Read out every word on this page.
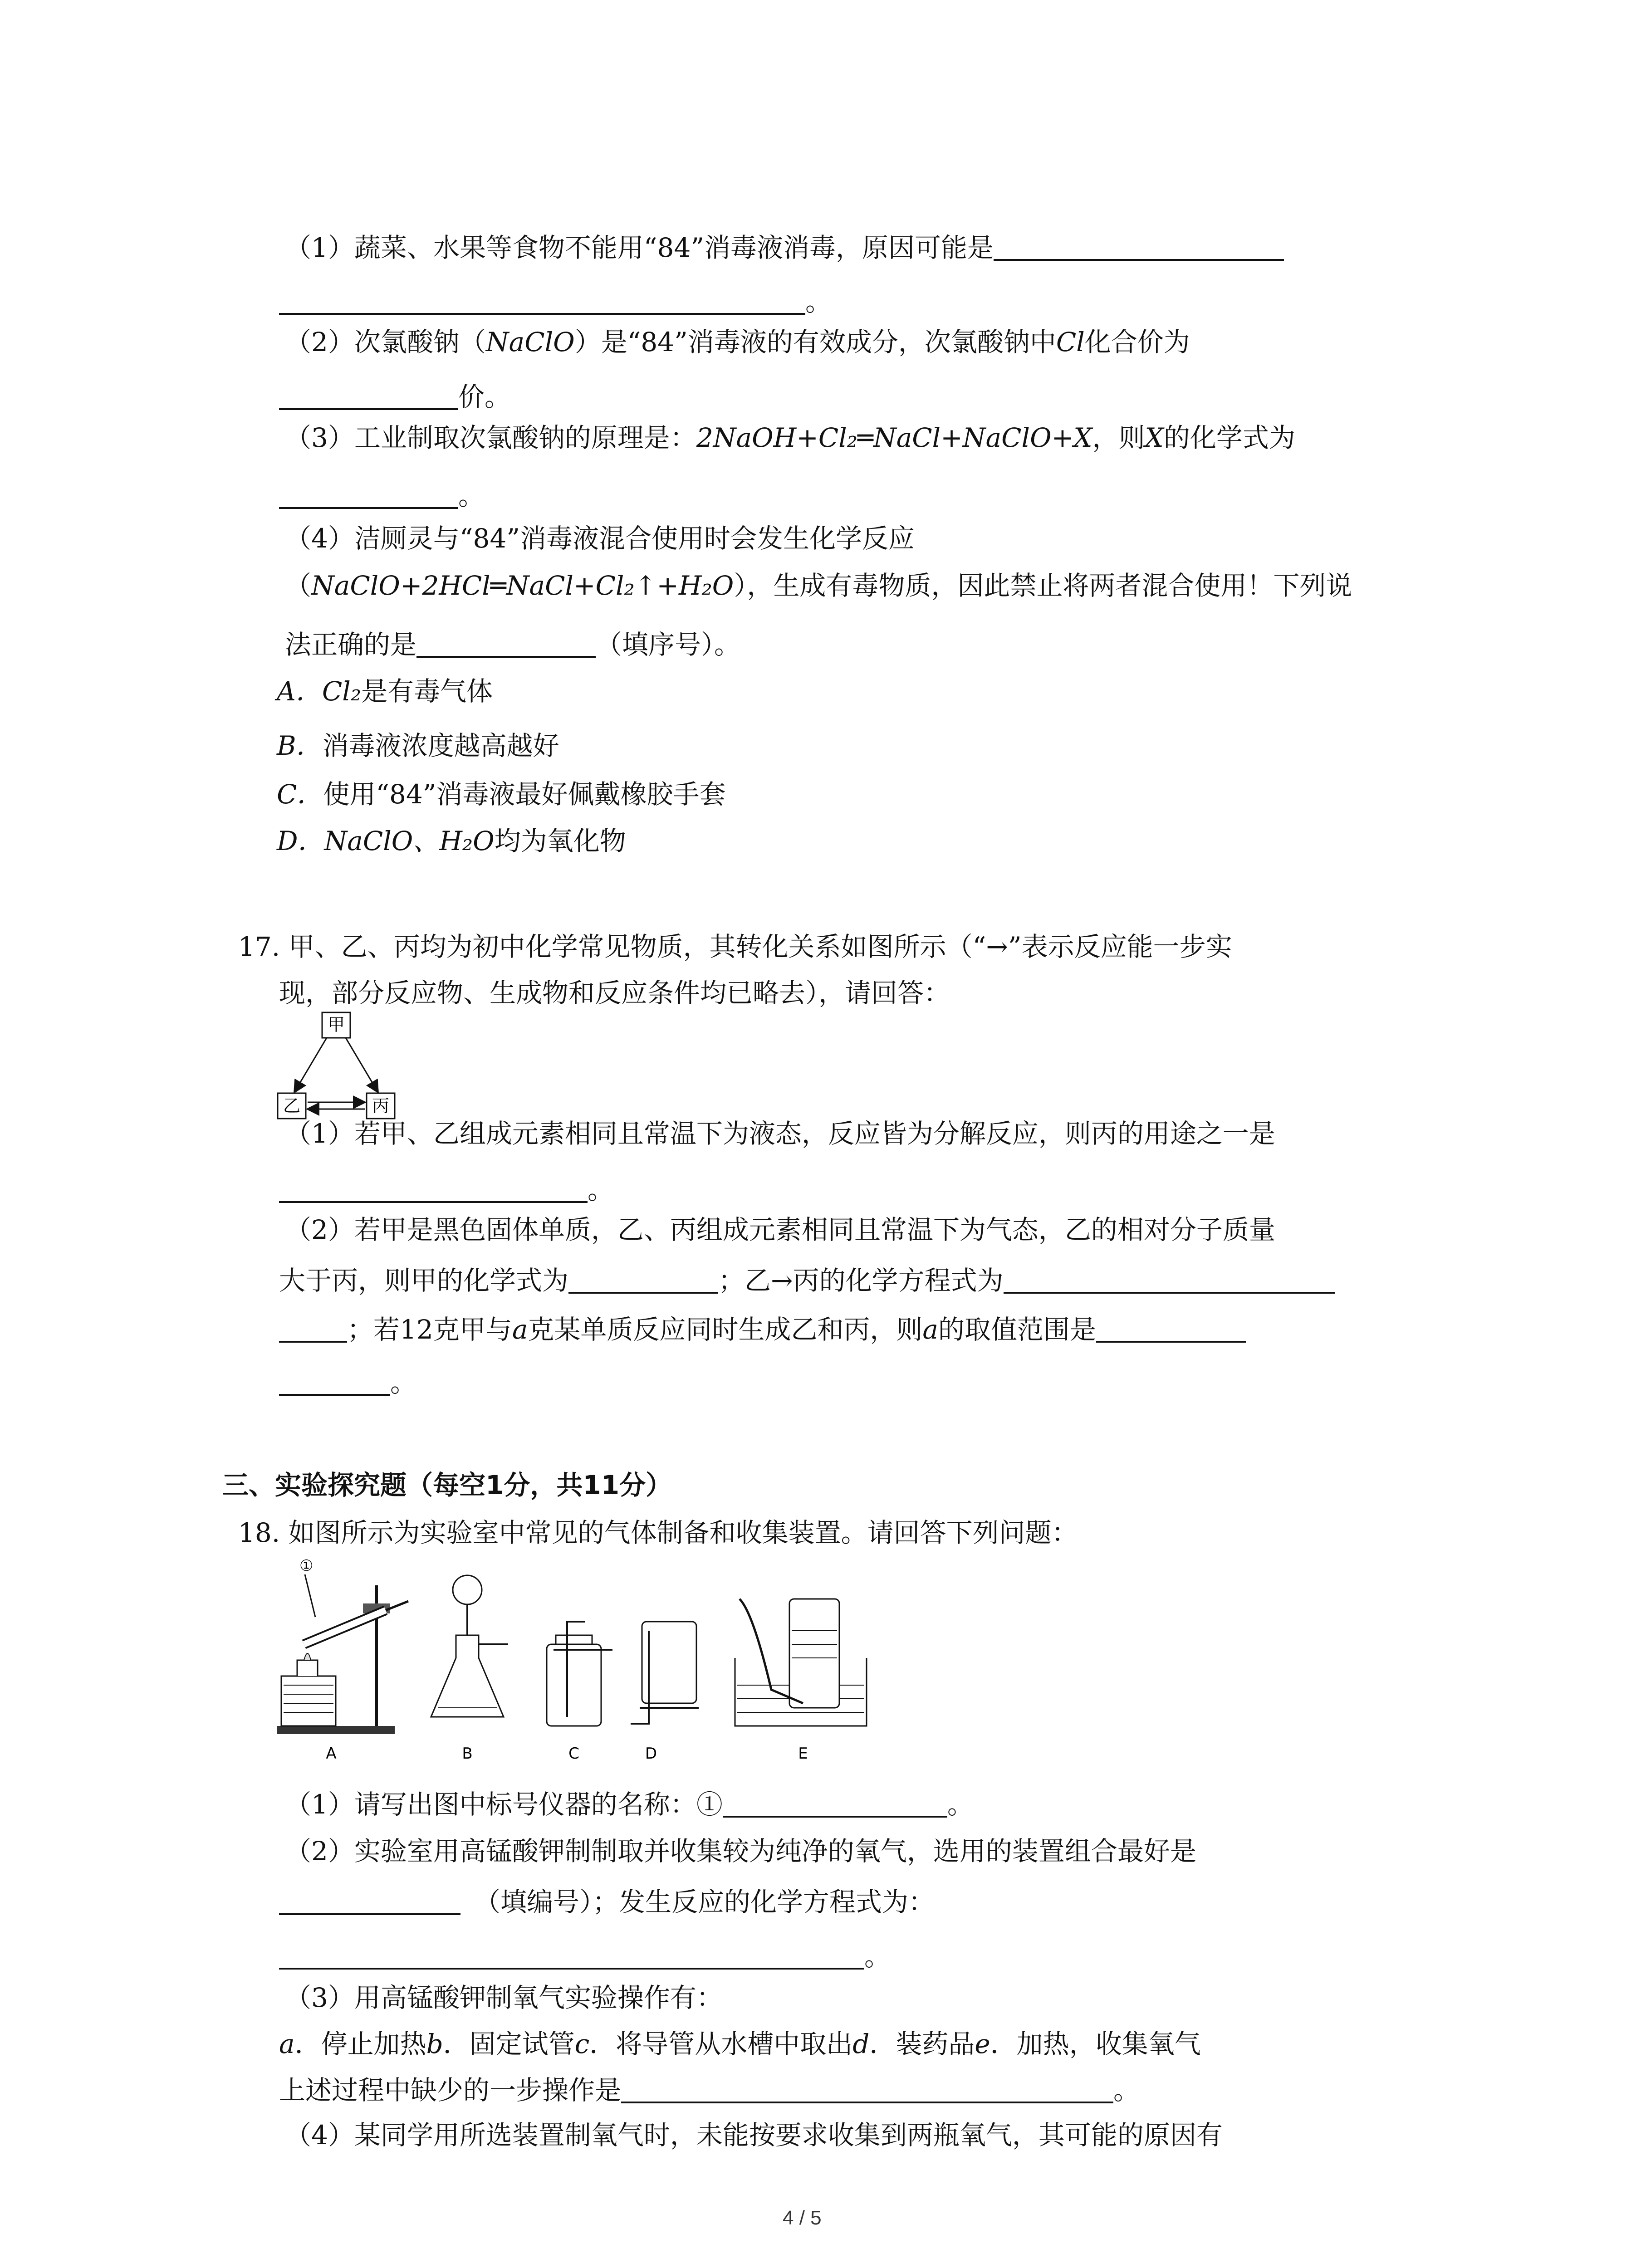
（1）蔬菜、水果等食物不能用“84”消毒液消毒，原因可能是
。
（2）次氯酸钠（NaClO）是“84”消毒液的有效成分，次氯酸钠中Cl化合价为
价。
（3）工业制取次氯酸钠的原理是：2NaOH+Cl₂═NaCl+NaClO+X，则X的化学式为
。
（4）洁厕灵与“84”消毒液混合使用时会发生化学反应
（NaClO+2HCl═NaCl+Cl₂↑+H₂O），生成有毒物质，因此禁止将两者混合使用！下列说
法正确的是	（填序号）。
A．Cl₂是有毒气体
B．消毒液浓度越高越好
C．使用“84”消毒液最好佩戴橡胶手套
D．NaClO、H₂O均为氧化物
17. 甲、乙、丙均为初中化学常见物质，其转化关系如图所示（“→”表示反应能一步实
现，部分反应物、生成物和反应条件均已略去），请回答：
甲
乙	丙
（1）若甲、乙组成元素相同且常温下为液态，反应皆为分解反应，则丙的用途之一是
。
（2）若甲是黑色固体单质，乙、丙组成元素相同且常温下为气态，乙的相对分子质量
大于丙，则甲的化学式为	；乙→丙的化学方程式为
；若12克甲与a克某单质反应同时生成乙和丙，则a的取值范围是
。
三、实验探究题（每空1分，共11分）
18. 如图所示为实验室中常见的气体制备和收集装置。请回答下列问题：
①
A	B	C	D	E
（1）请写出图中标号仪器的名称：①	。
（2）实验室用高锰酸钾制制取并收集较为纯净的氧气，选用的装置组合最好是
（填编号）；发生反应的化学方程式为：
。
（3）用高锰酸钾制氧气实验操作有：
a．停止加热b．固定试管c．将导管从水槽中取出d．装药品e．加热，收集氧气
上述过程中缺少的一步操作是	。
（4）某同学用所选装置制氧气时，未能按要求收集到两瓶氧气，其可能的原因有
4 / 5
